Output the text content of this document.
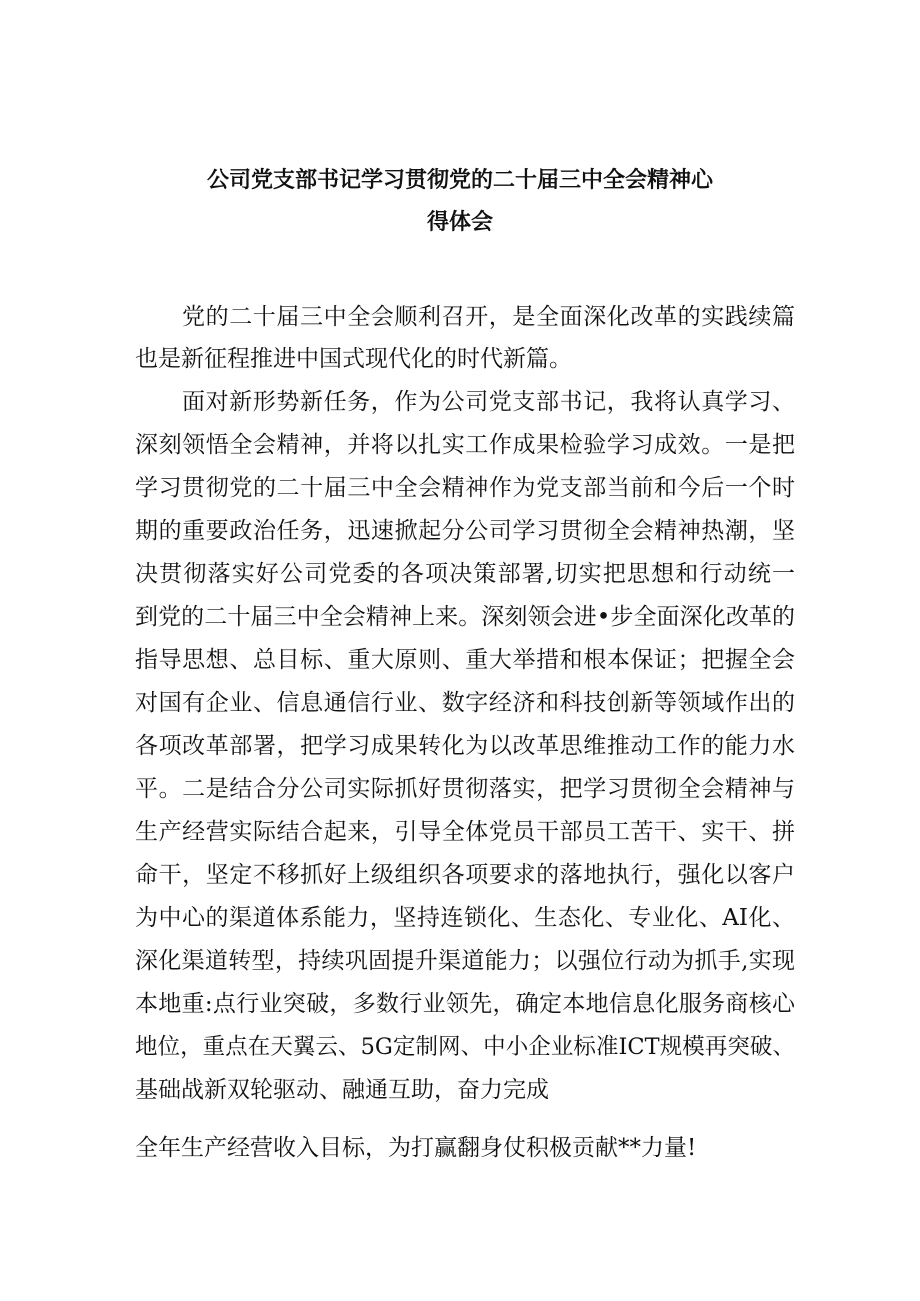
公司党支部书记学习贯彻党的二十届三中全会精神心
得体会
党的二十届三中全会顺利召开，是全面深化改革的实践续篇
也是新征程推进中国式现代化的时代新篇。
面对新形势新任务，作为公司党支部书记，我将认真学习、
深刻领悟全会精神，并将以扎实工作成果检验学习成效。一是把
学习贯彻党的二十届三中全会精神作为党支部当前和今后一个时
期的重要政治任务，迅速掀起分公司学习贯彻全会精神热潮，坚
决贯彻落实好公司党委的各项决策部署,切实把思想和行动统一
到党的二十届三中全会精神上来。深刻领会进•步全面深化改革的
指导思想、总目标、重大原则、重大举措和根本保证；把握全会
对国有企业、信息通信行业、数字经济和科技创新等领域作出的
各项改革部署，把学习成果转化为以改革思维推动工作的能力水
平。二是结合分公司实际抓好贯彻落实，把学习贯彻全会精神与
生产经营实际结合起来，引导全体党员干部员工苦干、实干、拼
命干，坚定不移抓好上级组织各项要求的落地执行，强化以客户
为中心的渠道体系能力，坚持连锁化、生态化、专业化、AI化、
深化渠道转型，持续巩固提升渠道能力；以强位行动为抓手,实现
本地重:点行业突破，多数行业领先，确定本地信息化服务商核心
地位，重点在天翼云、5G定制网、中小企业标准ICT规模再突破、
基础战新双轮驱动、融通互助，奋力完成
全年生产经营收入目标，为打赢翻身仗积极贡献**力量!
